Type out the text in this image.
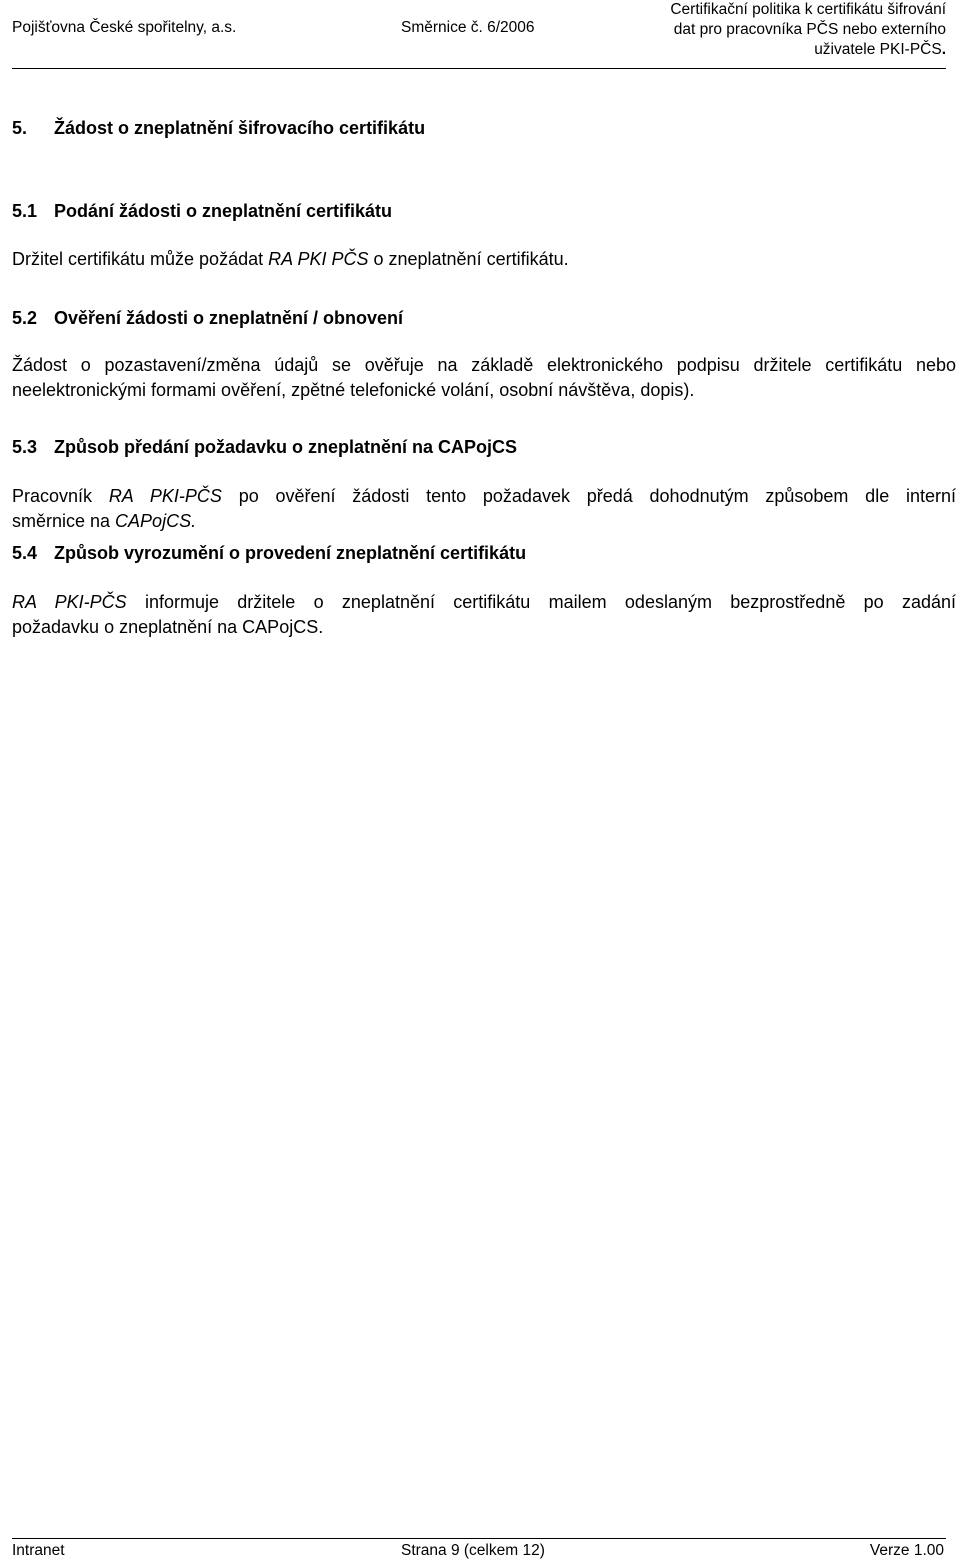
Pojišťovna České spořitelny, a.s.	Směrnice č. 6/2006
Certifikační politika k certifikátu šifrování
dat pro pracovníka PČS nebo externího
uživatele PKI-PČS.
5. Žádost o zneplatnění šifrovacího certifikátu
5.1 Podání žádosti o zneplatnění certifikátu

Držitel certifikátu může požádat RA PKI PČS o zneplatnění certifikátu.

5.2 Ověření žádosti o zneplatnění / obnovení

Žádost o pozastavení/změna údajů se ověřuje na základě elektronického podpisu držitele certifikátu nebo
neelektronickými formami ověření, zpětné telefonické volání, osobní návštěva, dopis).

5.3 Způsob předání požadavku o zneplatnění na CAPojCS

Pracovník RA PKI-PČS po ověření žádosti tento požadavek předá dohodnutým způsobem dle interní
směrnice na CAPojCS.

5.4 Způsob vyrozumění o provedení zneplatnění certifikátu

RA PKI-PČS informuje držitele o zneplatnění certifikátu mailem odeslaným bezprostředně po zadání
požadavku o zneplatnění na CAPojCS.

Intranet	Strana 9 (celkem 12)	Verze 1.00
